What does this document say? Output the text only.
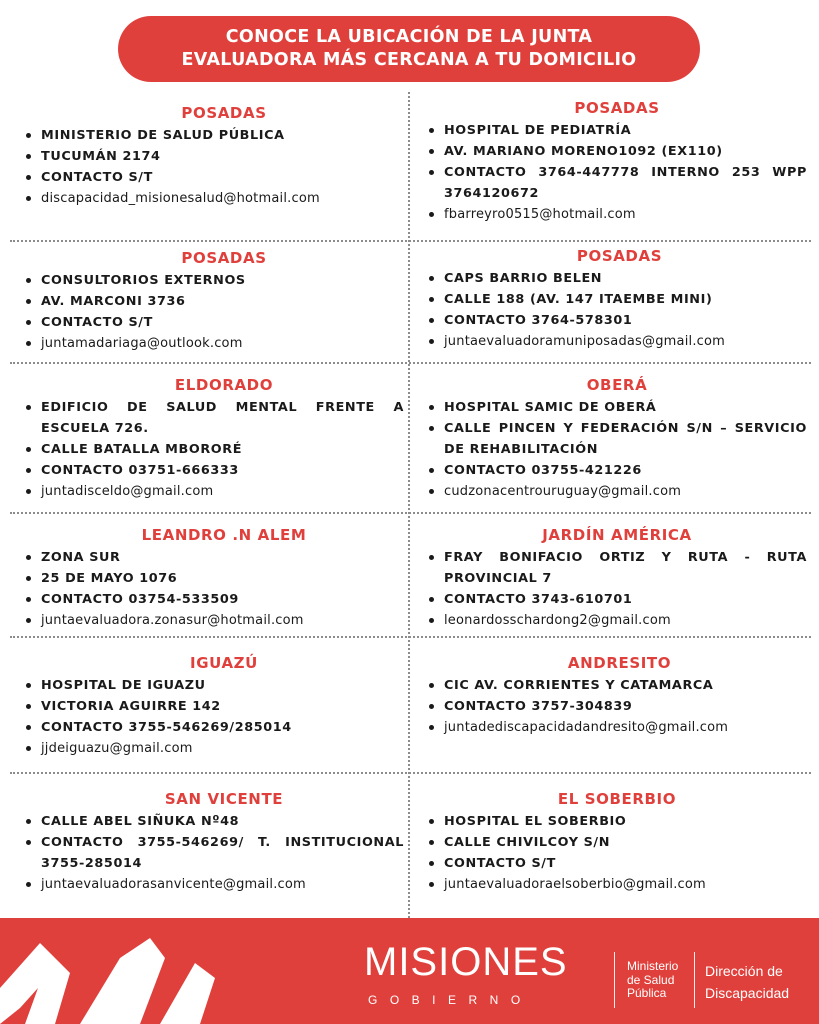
CONOCE LA UBICACIÓN DE LA JUNTA
EVALUADORA MÁS CERCANA A TU DOMICILIO
POSADAS
MINISTERIO DE SALUD PÚBLICA
TUCUMÁN 2174
CONTACTO S/T
discapacidad_misionesalud@hotmail.com
POSADAS
HOSPITAL DE PEDIATRÍA
AV. MARIANO MORENO1092 (EX110)
CONTACTO 3764-447778 INTERNO 253 WPP 3764120672
fbarreyro0515@hotmail.com
POSADAS
CONSULTORIOS EXTERNOS
AV. MARCONI 3736
CONTACTO S/T
juntamadariaga@outlook.com
POSADAS
CAPS BARRIO BELEN
CALLE 188 (AV. 147 ITAEMBE MINI)
CONTACTO 3764-578301
juntaevaluadoramuniposadas@gmail.com
ELDORADO
EDIFICIO DE SALUD MENTAL FRENTE A ESCUELA 726.
CALLE BATALLA MBORORÉ
CONTACTO 03751-666333
juntadisceldo@gmail.com
OBERÁ
HOSPITAL SAMIC DE OBERÁ
CALLE PINCEN Y FEDERACIÓN S/N – SERVICIO DE REHABILITACIÓN
CONTACTO 03755-421226
cudzonacentrouruguay@gmail.com
LEANDRO .N ALEM
ZONA SUR
25 DE MAYO 1076
CONTACTO 03754-533509
juntaevaluadora.zonasur@hotmail.com
JARDÍN AMÉRICA
FRAY BONIFACIO ORTIZ Y RUTA - RUTA PROVINCIAL 7
CONTACTO 3743-610701
leonardosschardong2@gmail.com
IGUAZÚ
HOSPITAL DE IGUAZU
VICTORIA AGUIRRE 142
CONTACTO 3755-546269/285014
jjdeiguazu@gmail.com
ANDRESITO
CIC AV. CORRIENTES Y CATAMARCA
CONTACTO 3757-304839
juntadediscapacidadandresito@gmail.com
SAN VICENTE
CALLE ABEL SIÑUKA Nº48
CONTACTO 3755-546269/ T. INSTITUCIONAL 3755-285014
juntaevaluadorasanvicente@gmail.com
EL SOBERBIO
HOSPITAL EL SOBERBIO
CALLE CHIVILCOY S/N
CONTACTO S/T
juntaevaluadoraelsoberbio@gmail.com
MISIONES
GOBIERNO
Ministerio
de Salud
Pública
Dirección de
Discapacidad
